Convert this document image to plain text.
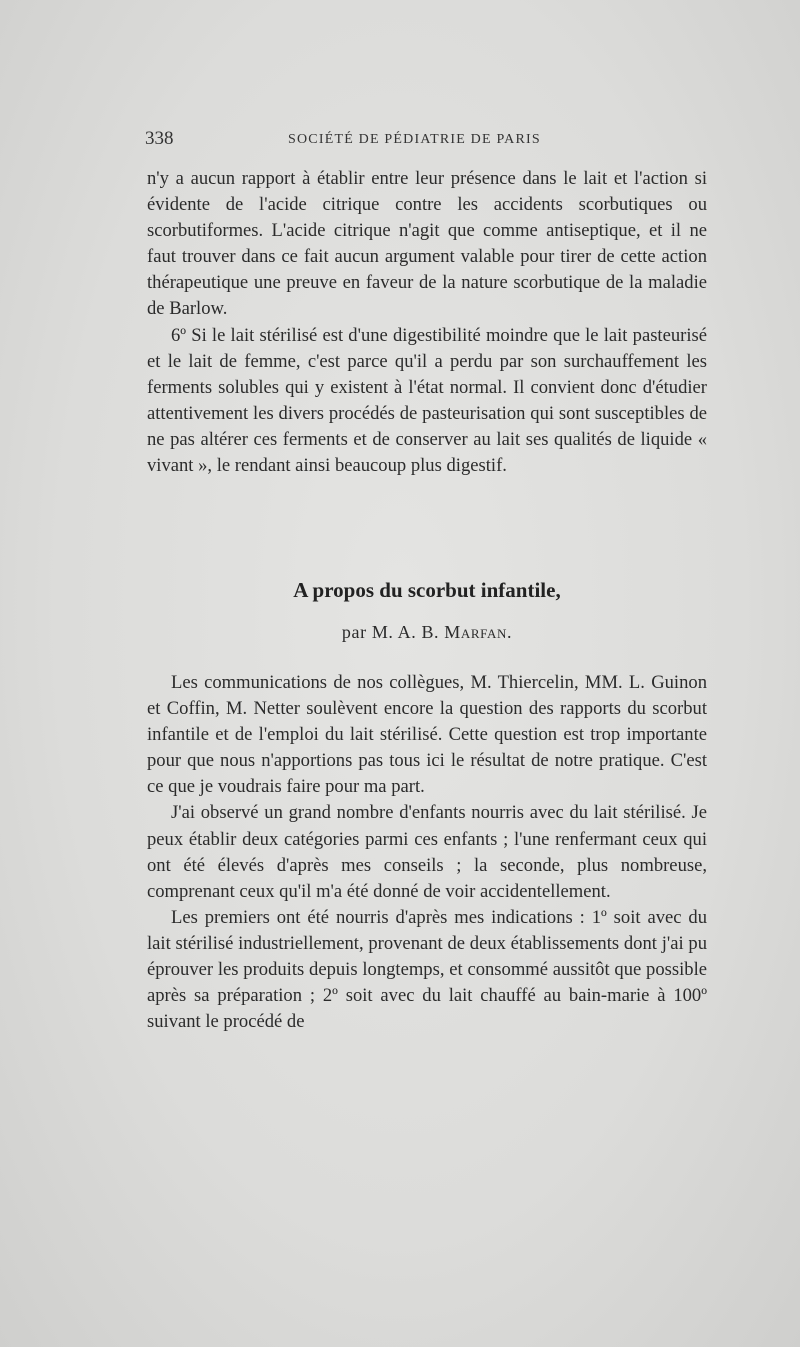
338	SOCIÉTÉ DE PÉDIATRIE DE PARIS

n'y a aucun rapport à établir entre leur présence dans le lait et l'action si évidente de l'acide citrique contre les accidents scorbutiques ou scorbutiformes. L'acide citrique n'agit que comme antiseptique, et il ne faut trouver dans ce fait aucun argument valable pour tirer de cette action thérapeutique une preuve en faveur de la nature scorbutique de la maladie de Barlow.

6º Si le lait stérilisé est d'une digestibilité moindre que le lait pasteurisé et le lait de femme, c'est parce qu'il a perdu par son surchauffement les ferments solubles qui y existent à l'état normal. Il convient donc d'étudier attentivement les divers procédés de pasteurisation qui sont susceptibles de ne pas altérer ces ferments et de conserver au lait ses qualités de liquide « vivant », le rendant ainsi beaucoup plus digestif.

A propos du scorbut infantile,
par M. A. B. Marfan.

Les communications de nos collègues, M. Thiercelin, MM. L. Guinon et Coffin, M. Netter soulèvent encore la question des rapports du scorbut infantile et de l'emploi du lait stérilisé. Cette question est trop importante pour que nous n'apportions pas tous ici le résultat de notre pratique. C'est ce que je voudrais faire pour ma part.

J'ai observé un grand nombre d'enfants nourris avec du lait stérilisé. Je peux établir deux catégories parmi ces enfants ; l'une renfermant ceux qui ont été élevés d'après mes conseils ; la seconde, plus nombreuse, comprenant ceux qu'il m'a été donné de voir accidentellement.

Les premiers ont été nourris d'après mes indications : 1º soit avec du lait stérilisé industriellement, provenant de deux établissements dont j'ai pu éprouver les produits depuis longtemps, et consommé aussitôt que possible après sa préparation ; 2º soit avec du lait chauffé au bain-marie à 100º suivant le procédé de
